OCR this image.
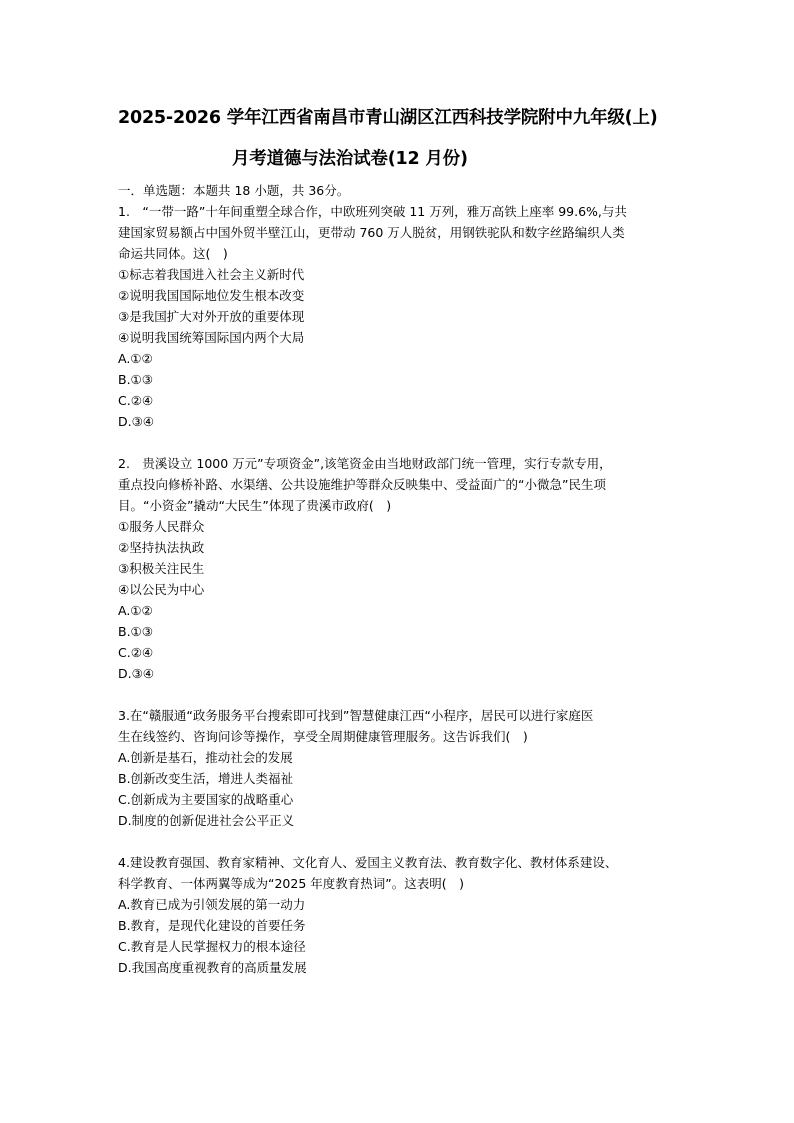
2025-2026 学年江西省南昌市青山湖区江西科技学院附中九年级(上)
月考道德与法治试卷(12 月份)
一．单选题：本题共 18 小题，共 36分。
1.　“一带一路”十年间重塑全球合作，中欧班列突破 11 万列，雅万高铁上座率 99.6%,与共
建国家贸易额占中国外贸半壁江山，更带动 760 万人脱贫，用钢铁驼队和数字丝路编织人类
命运共同体。这(　)
①标志着我国进入社会主义新时代
②说明我国国际地位发生根本改变
③是我国扩大对外开放的重要体现
④说明我国统筹国际国内两个大局
A.①②
B.①③
C.②④
D.③④
2.　贵溪设立 1000 万元”专项资金”,该笔资金由当地财政部门统一管理，实行专款专用，
重点投向修桥补路、水渠缮、公共设施维护等群众反映集中、受益面广的“小微急”民生项
目。“小资金”撬动“大民生”体现了贵溪市政府(　)
①服务人民群众
②坚持执法执政
③积极关注民生
④以公民为中心
A.①②
B.①③
C.②④
D.③④
3.在“赣服通“政务服务平台搜索即可找到”智慧健康江西“小程序，居民可以进行家庭医
生在线签约、咨询问诊等操作，享受全周期健康管理服务。这告诉我们(　)
A.创新是基石，推动社会的发展
B.创新改变生活，增进人类福祉
C.创新成为主要国家的战略重心
D.制度的创新促进社会公平正义
4.建设教育强国、教育家精神、文化育人、爱国主义教育法、教育数字化、教材体系建设、
科学教育、一体两翼等成为“2025 年度教育热词”。这表明(　)
A.教育已成为引领发展的第一动力
B.教育，是现代化建设的首要任务
C.教育是人民掌握权力的根本途径
D.我国高度重视教育的高质量发展
